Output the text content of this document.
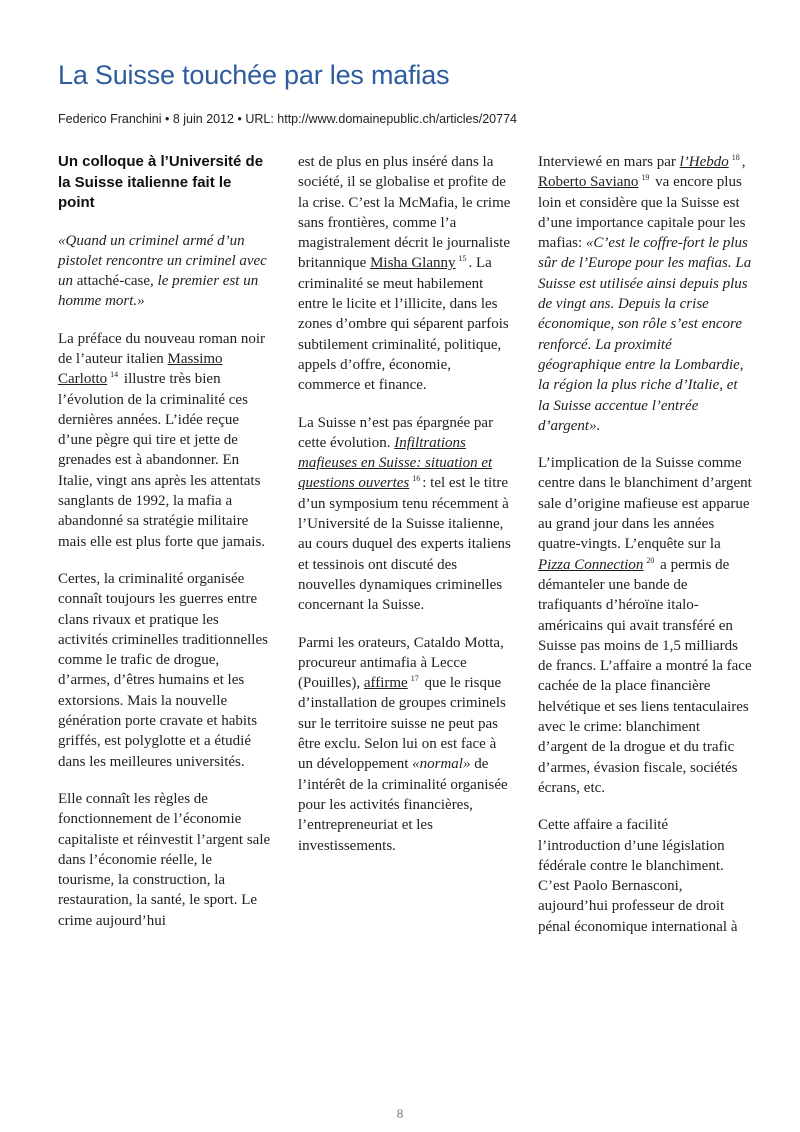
La Suisse touchée par les mafias
Federico Franchini • 8 juin 2012 • URL: http://www.domainepublic.ch/articles/20774
Un colloque à l’Université de la Suisse italienne fait le point

«Quand un criminel armé d’un pistolet rencontre un criminel avec un attaché-case, le premier est un homme mort.»

La préface du nouveau roman noir de l’auteur italien Massimo Carlotto $^{14}$ illustre très bien l’évolution de la criminalité ces dernières années. L’idée reçue d’une pègre qui tire et jette de grenades est à abandonner. En Italie, vingt ans après les attentats sanglants de 1992, la mafia a abandonné sa stratégie militaire mais elle est plus forte que jamais.

Certes, la criminalité organisée connaît toujours les guerres entre clans rivaux et pratique les activités criminelles traditionnelles comme le trafic de drogue, d’armes, d’êtres humains et les extorsions. Mais la nouvelle génération porte cravate et habits griffés, est polyglotte et a étudié dans les meilleures universités.

Elle connaît les règles de fonctionnement de l’économie capitaliste et réinvestit l’argent sale dans l’économie réelle, le tourisme, la construction, la restauration, la santé, le sport. Le crime aujourd’hui

est de plus en plus inséré dans la société, il se globalise et profite de la crise. C’est la McMafia, le crime sans frontières, comme l’a magistralement décrit le journaliste britannique Misha Glanny $^{15}$ . La criminalité se meut habilement entre le licite et l’illicite, dans les zones d’ombre qui séparent parfois subtilement criminalité, politique, appels d’offre, économie, commerce et finance.

La Suisse n’est pas épargnée par cette évolution. Infiltrations mafieuses en Suisse: situation et questions ouvertes $^{16}$ : tel est le titre d’un symposium tenu récemment à l’Université de la Suisse italienne, au cours duquel des experts italiens et tessinois ont discuté des nouvelles dynamiques criminelles concernant la Suisse.

Parmi les orateurs, Cataldo Motta, procureur antimafia à Lecce (Pouilles), affirme $^{17}$ que le risque d’installation de groupes criminels sur le territoire suisse ne peut pas être exclu. Selon lui on est face à un développement «normal» de l’intérêt de la criminalité organisée pour les activités financières, l’entrepreneuriat et les investissements.

Interviewé en mars par l’Hebdo $^{18}$ , Roberto Saviano $^{19}$ va encore plus loin et considère que la Suisse est d’une importance capitale pour les mafias: «C’est le coffre-fort le plus sûr de l’Europe pour les mafias. La Suisse est utilisée ainsi depuis plus de vingt ans. Depuis la crise économique, son rôle s’est encore renforcé. La proximité géographique entre la Lombardie, la région la plus riche d’Italie, et la Suisse accentue l’entrée d’argent».

L’implication de la Suisse comme centre dans le blanchiment d’argent sale d’origine mafieuse est apparue au grand jour dans les années quatre-vingts. L’enquête sur la Pizza Connection $^{20}$ a permis de démanteler une bande de trafiquants d’héroïne italo-américains qui avait transféré en Suisse pas moins de 1,5 milliards de francs. L’affaire a montré la face cachée de la place financière helvétique et ses liens tentaculaires avec le crime: blanchiment d’argent de la drogue et du trafic d’armes, évasion fiscale, sociétés écrans, etc.

Cette affaire a facilité l’introduction d’une législation fédérale contre le blanchiment. C’est Paolo Bernasconi, aujourd’hui professeur de droit pénal économique international à

8
